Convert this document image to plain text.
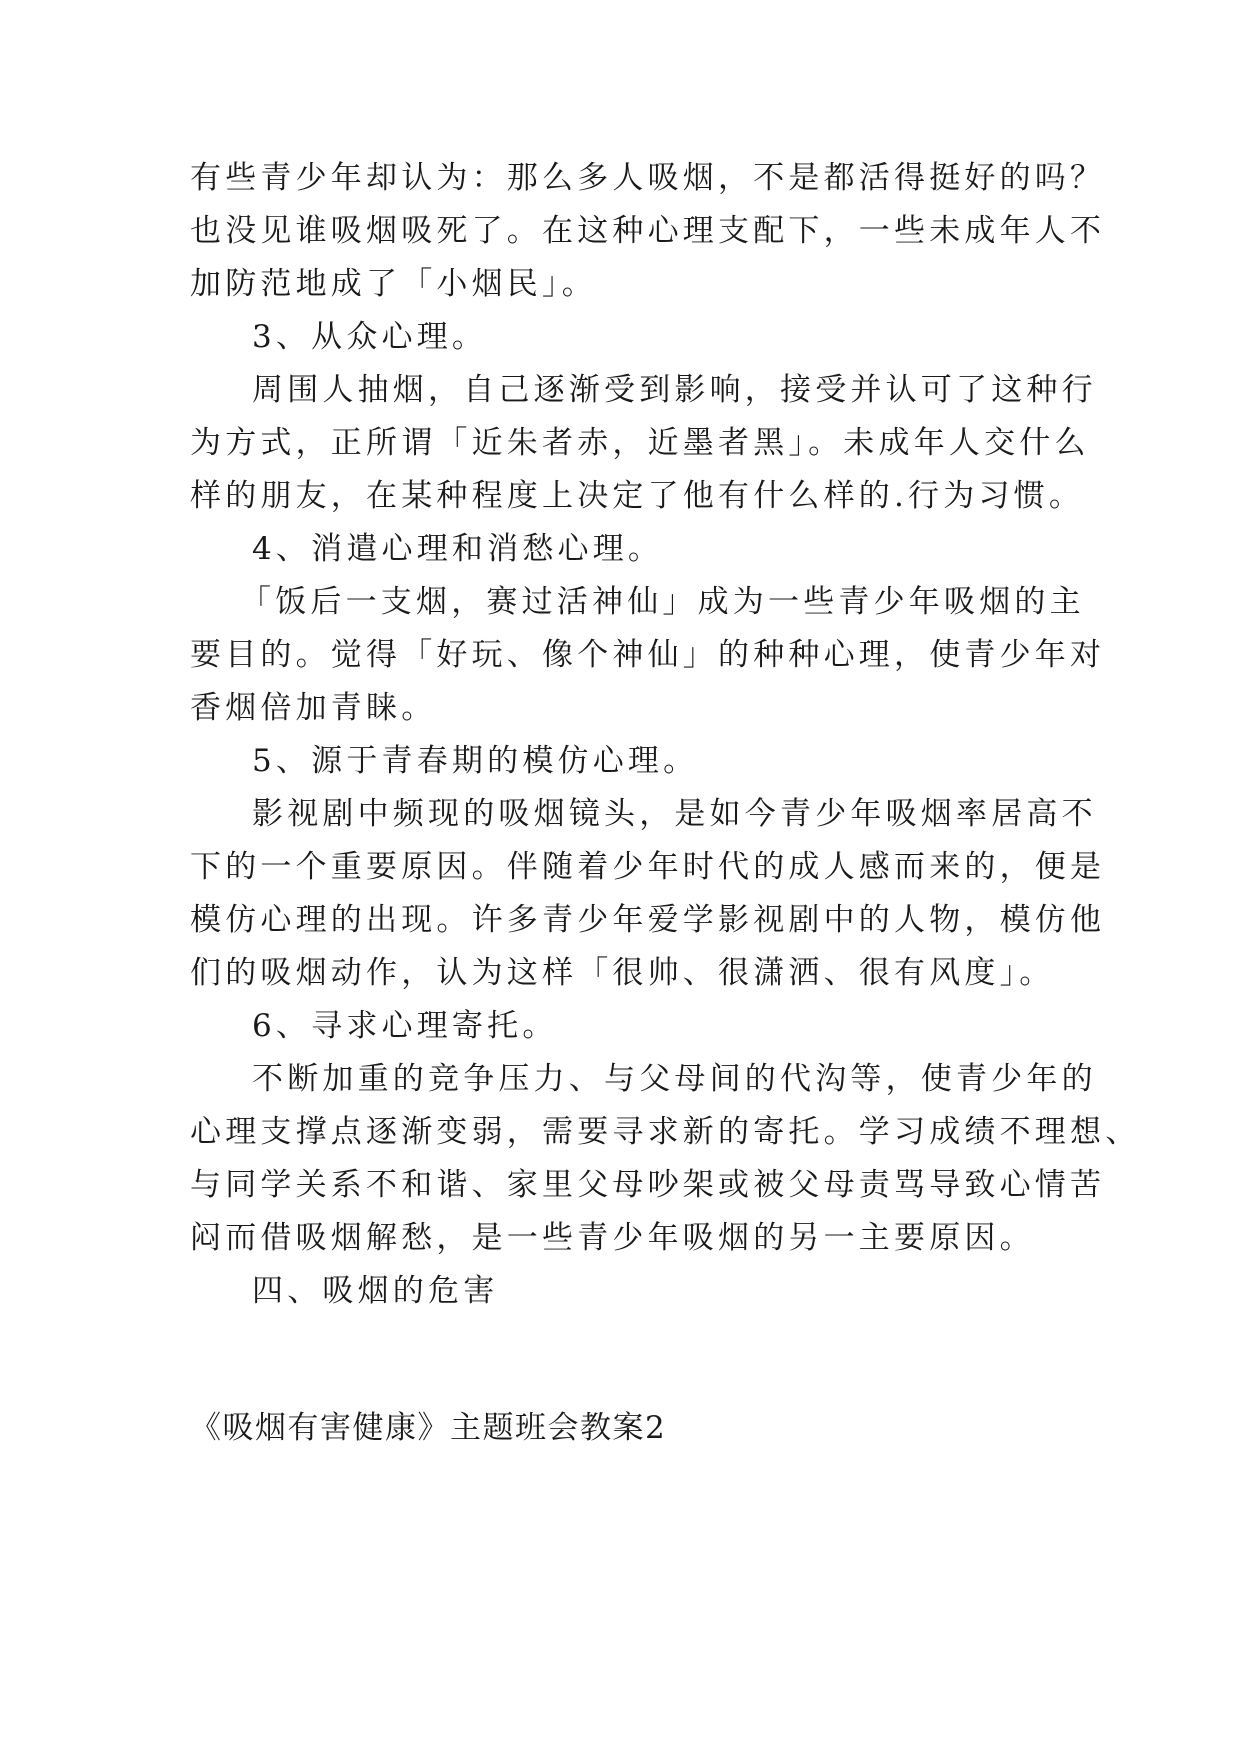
有些青少年却认为：那么多人吸烟，不是都活得挺好的吗？
也没见谁吸烟吸死了。在这种心理支配下，一些未成年人不
加防范地成了「小烟民」。
3、从众心理。
周围人抽烟，自己逐渐受到影响，接受并认可了这种行
为方式，正所谓「近朱者赤，近墨者黑」。未成年人交什么
样的朋友，在某种程度上决定了他有什么样的.行为习惯。
4、消遣心理和消愁心理。
「饭后一支烟，赛过活神仙」成为一些青少年吸烟的主
要目的。觉得「好玩、像个神仙」的种种心理，使青少年对
香烟倍加青睐。
5、源于青春期的模仿心理。
影视剧中频现的吸烟镜头，是如今青少年吸烟率居高不
下的一个重要原因。伴随着少年时代的成人感而来的，便是
模仿心理的出现。许多青少年爱学影视剧中的人物，模仿他
们的吸烟动作，认为这样「很帅、很潇洒、很有风度」。
6、寻求心理寄托。
不断加重的竞争压力、与父母间的代沟等，使青少年的
心理支撑点逐渐变弱，需要寻求新的寄托。学习成绩不理想、
与同学关系不和谐、家里父母吵架或被父母责骂导致心情苦
闷而借吸烟解愁，是一些青少年吸烟的另一主要原因。
四、吸烟的危害
《吸烟有害健康》主题班会教案2
